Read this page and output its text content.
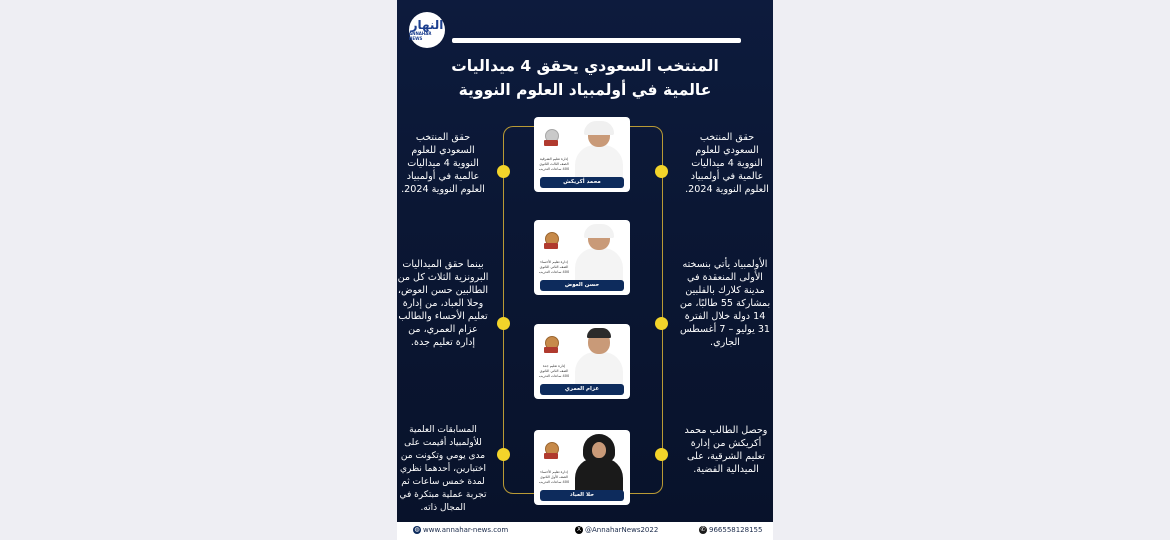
النهار
ANNAHAR NEWS
المنتخب السعودي يحقق 4 ميداليات
عالمية في أولمبياد العلوم النووية
حقق المنتخب السعودي للعلوم النووية 4 ميداليات عالمية في أولمبياد العلوم النووية 2024.
بينما حقق الميداليات البرونزية الثلاث كل من الطالبين حسن العوض، وحلا العباد، من إدارة تعليم الأحساء والطالب عزام العمري، من إدارة تعليم جدة.
المسابقات العلمية للأولمبياد أقيمت على مدى يومي وتكونت من اختبارين، أحدهما نظري لمدة خمس ساعات ثم تجربة عملية مبتكرة في المجال ذاته.
حقق المنتخب السعودي للعلوم النووية 4 ميداليات عالمية في أولمبياد العلوم النووية 2024.
الأولمبياد يأتي بنسخته الأولى المنعقدة في مدينة كلارك بالفلبين بمشاركة 55 طالبًا، من 14 دولة خلال الفترة 31 يوليو – 7 أغسطس الجاري.
وحصل الطالب محمد أكريكش من إدارة تعليم الشرقية، على الميدالية الفضية.
إدارة تعليم الشرقية الصف الثالث الثانوي 400 ساعات التدريب
محمد أكريكش
إدارة تعليم الأحساء الصف الثاني الثانوي 400 ساعات التدريب
حسن العوض
إدارة تعليم جدة الصف الثاني الثانوي 400 ساعات التدريب
عزام العمري
إدارة تعليم الأحساء الصف الأول الثانوي 400 ساعات التدريب
حلا العباد
◍ www.annahar-news.com	X @AnnaharNews2022	✆ 966558128155
